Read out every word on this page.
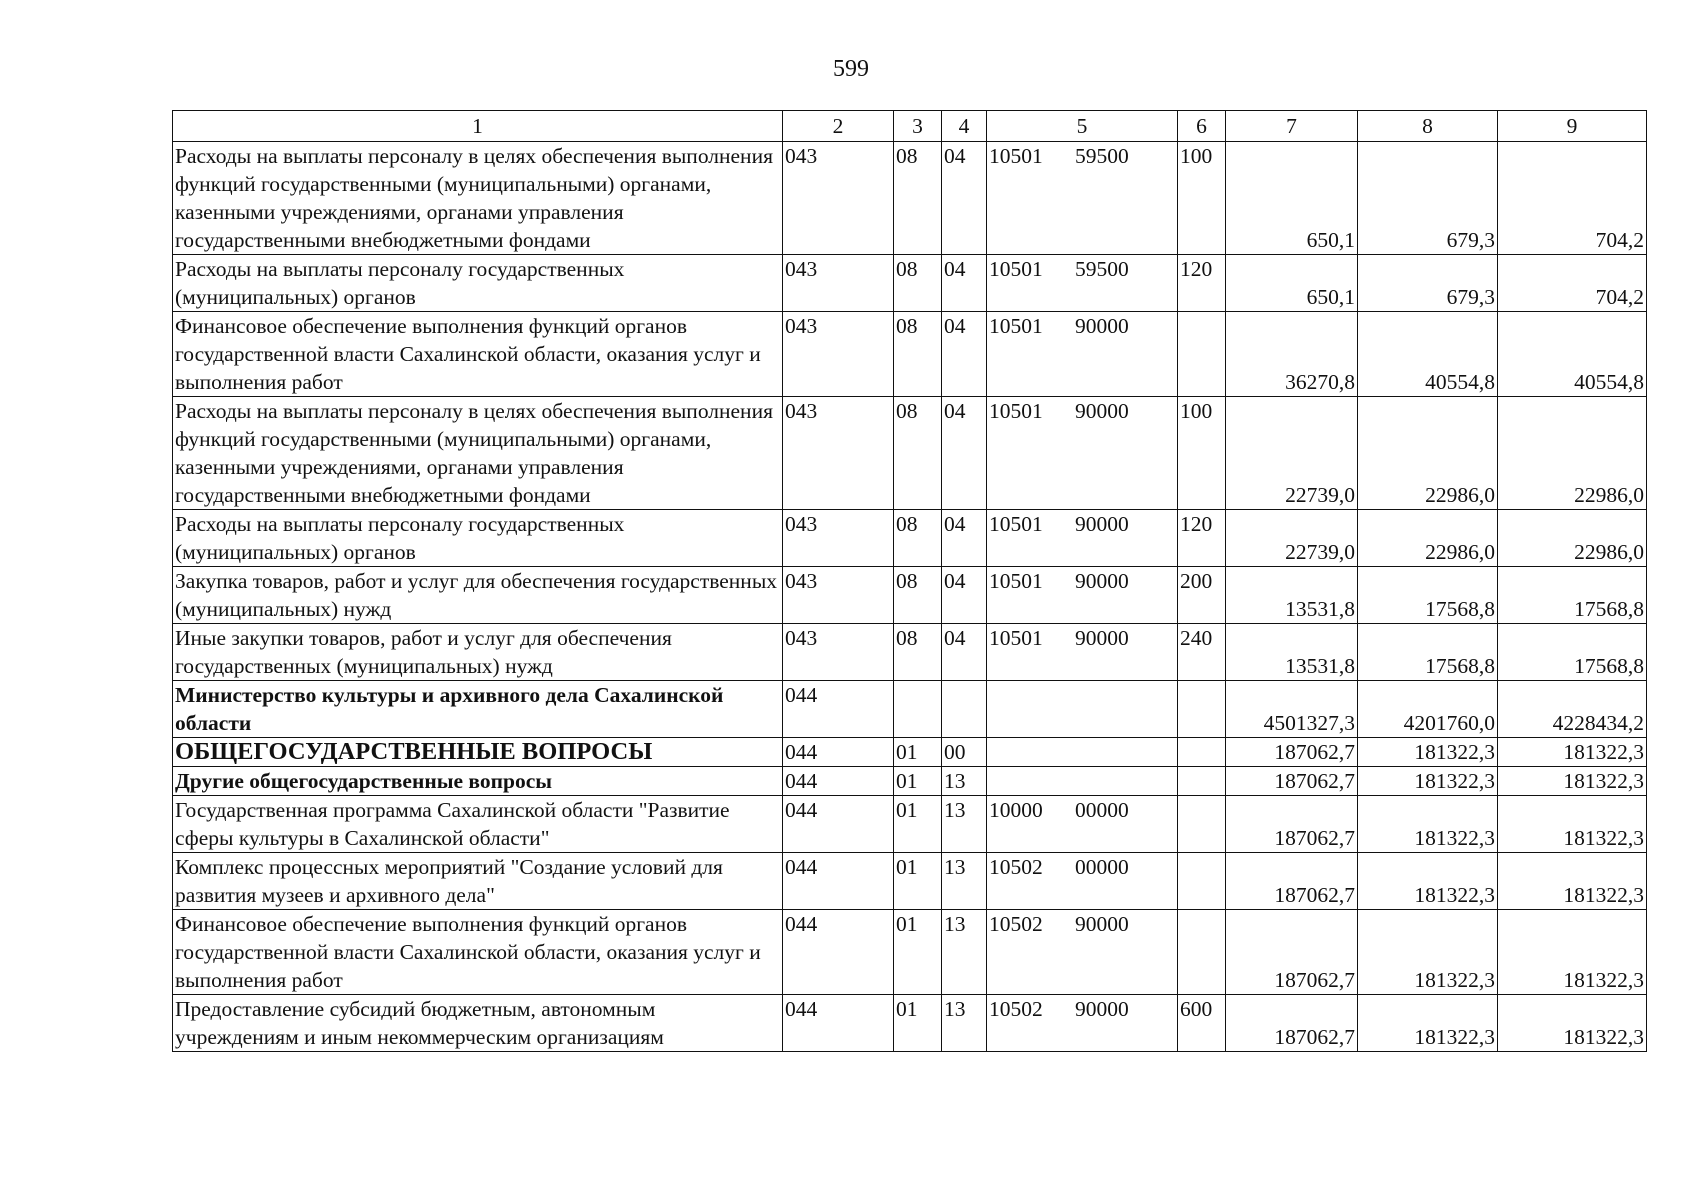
599
1	2	3	4	5	6	7	8	9
Расходы на выплаты персоналу в целях обеспечения выполнения функций государственными (муниципальными) органами, казенными учреждениями, органами управления государственными внебюджетными фондами	043	08	04	10501 59500	100	650,1	679,3	704,2
Расходы на выплаты персоналу государственных (муниципальных) органов	043	08	04	10501 59500	120	650,1	679,3	704,2
Финансовое обеспечение выполнения функций органов государственной власти Сахалинской области, оказания услуг и выполнения работ	043	08	04	10501 90000		36270,8	40554,8	40554,8
Расходы на выплаты персоналу в целях обеспечения выполнения функций государственными (муниципальными) органами, казенными учреждениями, органами управления государственными внебюджетными фондами	043	08	04	10501 90000	100	22739,0	22986,0	22986,0
Расходы на выплаты персоналу государственных (муниципальных) органов	043	08	04	10501 90000	120	22739,0	22986,0	22986,0
Закупка товаров, работ и услуг для обеспечения государственных (муниципальных) нужд	043	08	04	10501 90000	200	13531,8	17568,8	17568,8
Иные закупки товаров, работ и услуг для обеспечения государственных (муниципальных) нужд	043	08	04	10501 90000	240	13531,8	17568,8	17568,8
Министерство культуры и архивного дела Сахалинской области	044					4501327,3	4201760,0	4228434,2
ОБЩЕГОСУДАРСТВЕННЫЕ ВОПРОСЫ	044	01	00			187062,7	181322,3	181322,3
Другие общегосударственные вопросы	044	01	13			187062,7	181322,3	181322,3
Государственная программа Сахалинской области "Развитие сферы культуры в Сахалинской области"	044	01	13	10000 00000		187062,7	181322,3	181322,3
Комплекс процессных мероприятий "Создание условий для развития музеев и архивного дела"	044	01	13	10502 00000		187062,7	181322,3	181322,3
Финансовое обеспечение выполнения функций органов государственной власти Сахалинской области, оказания услуг и выполнения работ	044	01	13	10502 90000		187062,7	181322,3	181322,3
Предоставление субсидий бюджетным, автономным учреждениям и иным некоммерческим организациям	044	01	13	10502 90000	600	187062,7	181322,3	181322,3
